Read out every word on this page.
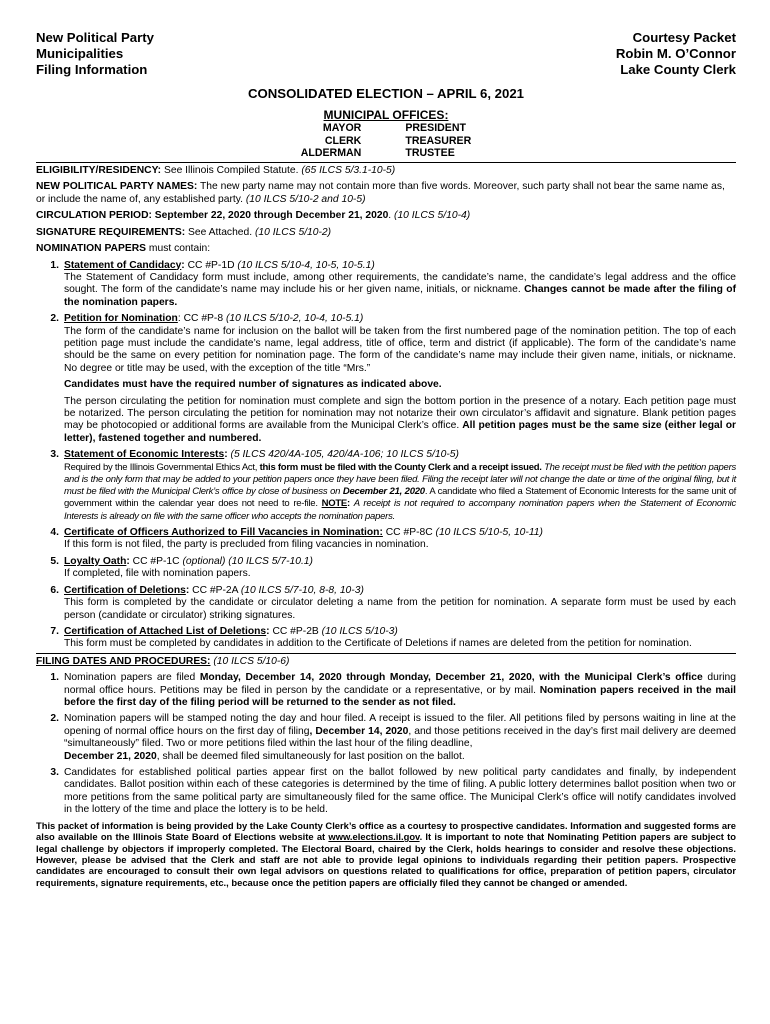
New Political Party
Municipalities
Filing Information
Courtesy Packet
Robin M. O’Connor
Lake County Clerk
CONSOLIDATED ELECTION – APRIL 6, 2021
MUNICIPAL OFFICES:
MAYOR	PRESIDENT
CLERK	TREASURER
ALDERMAN	TRUSTEE
ELIGIBILITY/RESIDENCY: See Illinois Compiled Statute. (65 ILCS 5/3.1-10-5)
NEW POLITICAL PARTY NAMES: The new party name may not contain more than five words. Moreover, such party shall not bear the same name as, or include the name of, any established party. (10 ILCS 5/10-2 and 10-5)
CIRCULATION PERIOD: September 22, 2020 through December 21, 2020. (10 ILCS 5/10-4)
SIGNATURE REQUIREMENTS: See Attached. (10 ILCS 5/10-2)
NOMINATION PAPERS must contain:
1. Statement of Candidacy: CC #P-1D (10 ILCS 5/10-4, 10-5, 10-5.1)
The Statement of Candidacy form must include, among other requirements, the candidate’s name, the candidate’s legal address and the office sought. The form of the candidate’s name may include his or her given name, initials, or nickname. Changes cannot be made after the filing of the nomination papers.
2. Petition for Nomination: CC #P-8 (10 ILCS 5/10-2, 10-4, 10-5.1)
The form of the candidate’s name for inclusion on the ballot will be taken from the first numbered page of the nomination petition. The top of each petition page must include the candidate’s name, legal address, title of office, term and district (if applicable). The form of the candidate’s name should be the same on every petition for nomination page. The form of the candidate’s name may include their given name, initials, or nickname. No degree or title may be used, with the exception of the title “Mrs.”
Candidates must have the required number of signatures as indicated above.
The person circulating the petition for nomination must complete and sign the bottom portion in the presence of a notary. Each petition page must be notarized. The person circulating the petition for nomination may not notarize their own circulator’s affidavit and signature. Blank petition pages may be photocopied or additional forms are available from the Municipal Clerk’s office. All petition pages must be the same size (either legal or letter), fastened together and numbered.
3. Statement of Economic Interests: (5 ILCS 420/4A-105, 420/4A-106; 10 ILCS 5/10-5)

Required by the Illinois Governmental Ethics Act, this form must be filed with the County Clerk and a receipt issued. The receipt must be filed with the petition papers and is the only form that may be added to your petition papers once they have been filed. Filing the receipt later will not change the date or time of the original filing, but it must be filed with the Municipal Clerk’s office by close of business on December 21, 2020. A candidate who filed a Statement of Economic Interests for the same unit of government within the calendar year does not need to re-file. NOTE: A receipt is not required to accompany nomination papers when the Statement of Economic Interests is already on file with the same officer who accepts the nomination papers.
4. Certificate of Officers Authorized to Fill Vacancies in Nomination: CC #P-8C (10 ILCS 5/10-5, 10-11)
If this form is not filed, the party is precluded from filing vacancies in nomination.
5. Loyalty Oath: CC #P-1C (optional) (10 ILCS 5/7-10.1)
If completed, file with nomination papers.
6. Certification of Deletions: CC #P-2A (10 ILCS 5/7-10, 8-8, 10-3)
This form is completed by the candidate or circulator deleting a name from the petition for nomination. A separate form must be used by each person (candidate or circulator) striking signatures.
7. Certification of Attached List of Deletions: CC #P-2B (10 ILCS 5/10-3)
This form must be completed by candidates in addition to the Certificate of Deletions if names are deleted from the petition for nomination.
FILING DATES AND PROCEDURES: (10 ILCS 5/10-6)
1. Nomination papers are filed Monday, December 14, 2020 through Monday, December 21, 2020, with the Municipal Clerk’s office during normal office hours. Petitions may be filed in person by the candidate or a representative, or by mail. Nomination papers received in the mail before the first day of the filing period will be returned to the sender as not filed.
2. Nomination papers will be stamped noting the day and hour filed. A receipt is issued to the filer. All petitions filed by persons waiting in line at the opening of normal office hours on the first day of filing, December 14, 2020, and those petitions received in the day’s first mail delivery are deemed “simultaneously” filed. Two or more petitions filed within the last hour of the filing deadline,
December 21, 2020, shall be deemed filed simultaneously for last position on the ballot.
3. Candidates for established political parties appear first on the ballot followed by new political party candidates and finally, by independent candidates. Ballot position within each of these categories is determined by the time of filing. A public lottery determines ballot position when two or more petitions from the same political party are simultaneously filed for the same office. The Municipal Clerk’s office will notify candidates involved in the lottery of the time and place the lottery is to be held.
This packet of information is being provided by the Lake County Clerk’s office as a courtesy to prospective candidates. Information and suggested forms are also available on the Illinois State Board of Elections website at www.elections.il.gov. It is important to note that Nominating Petition papers are subject to legal challenge by objectors if improperly completed. The Electoral Board, chaired by the Clerk, holds hearings to consider and resolve these objections. However, please be advised that the Clerk and staff are not able to provide legal opinions to individuals regarding their petition papers. Prospective candidates are encouraged to consult their own legal advisors on questions related to qualifications for office, preparation of petition papers, circulator requirements, signature requirements, etc., because once the petition papers are officially filed they cannot be changed or amended.
